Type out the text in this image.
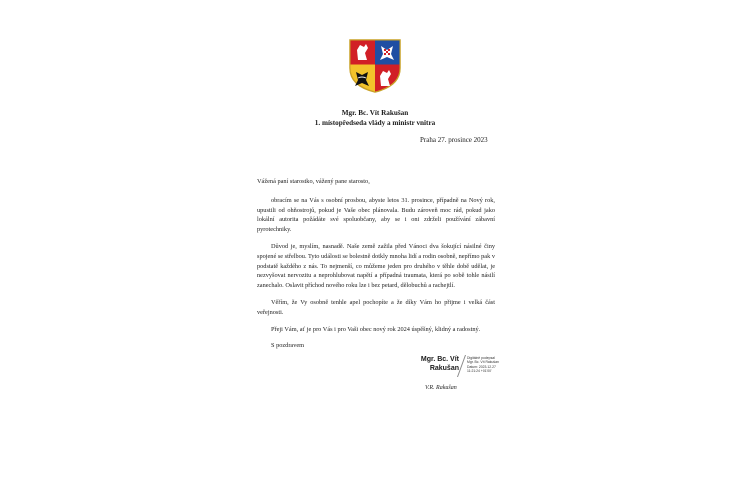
Mgr. Bc. Vít Rakušan
1. místopředseda vlády a ministr vnitra
Praha 27. prosince 2023

Vážená paní starostko, vážený pane starosto,

obracím se na Vás s osobní prosbou, abyste letos 31. prosince, případně na Nový rok, upustili od ohňostrojů, pokud je Vaše obec plánovala. Budu zároveň moc rád, pokud jako lokální autorita požádáte své spoluobčany, aby se i oni zdrželi používání zábavní pyrotechniky.

Důvod je, myslím, nasnadě. Naše země zažila před Vánoci dva šokující násilné činy spojené se střelbou. Tyto události se bolestně dotkly mnoha lidí a rodin osobně, nepřímo pak v podstatě každého z nás. To nejmenší, co můžeme jeden pro druhého v těhle době udělat, je nezvyšovat nervozitu a neprohlubovat napětí a případná traumata, která po sobě tohle násilí zanechalo. Oslavit příchod nového roku lze i bez petard, dělobuchů a rachejtlí.

Věřím, že Vy osobně tenhle apel pochopíte a že díky Vám ho přijme i velká část veřejnosti.

Přeji Vám, ať je pro Vás i pro Vaši obec nový rok 2024 úspěšný, klidný a radostný.

S pozdravem

Mgr. Bc. Vít
Rakušan
Digitálně podepsal
Mgr. Bc. Vít Rakušan
Datum: 2023.12.27
11:21:24 +01'00'
V.R. Rakušan
